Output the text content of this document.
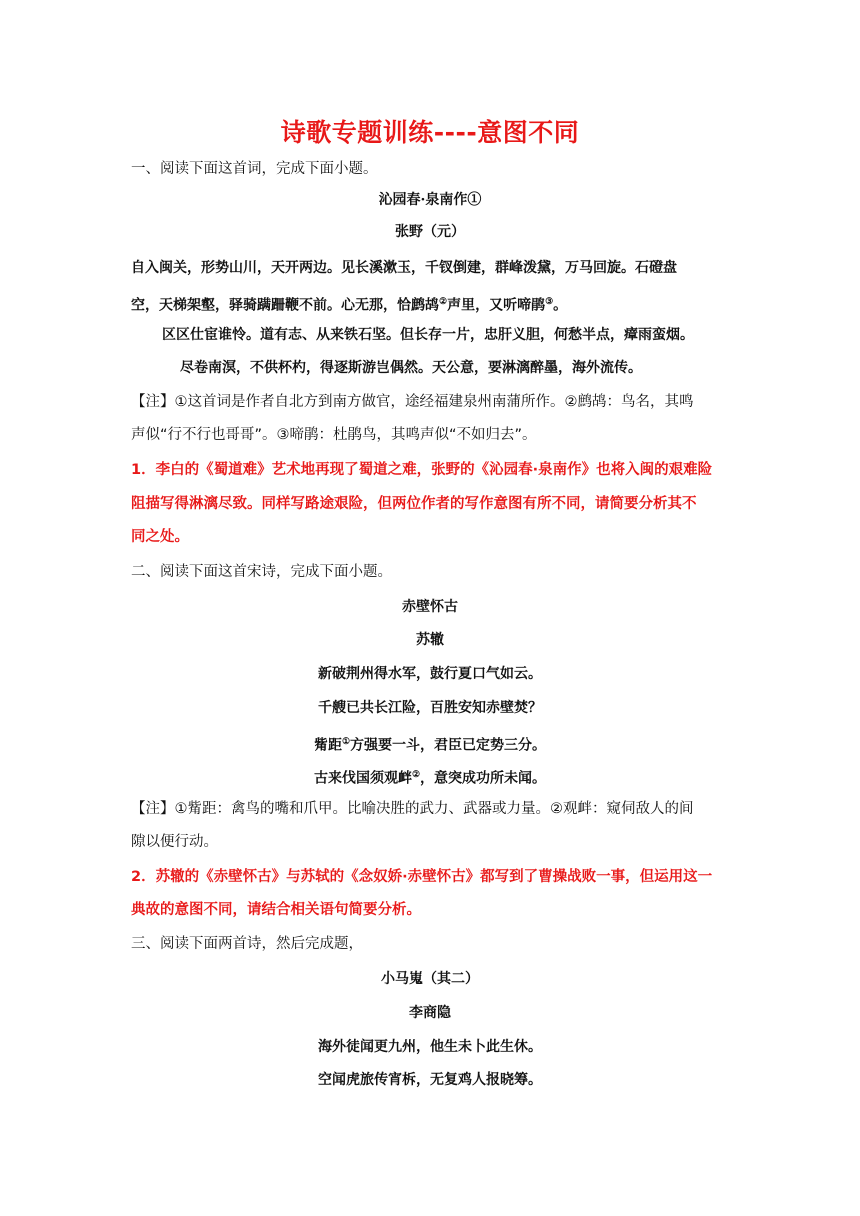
诗歌专题训练----意图不同
一、阅读下面这首词，完成下面小题。
沁园春·泉南作①
张野（元）
自入闽关，形势山川，天开两边。见长溪漱玉，千钗倒建，群峰泼黛，万马回旋。石磴盘
空，天梯架壑，驿骑蹒跚鞭不前。心无那，恰鹧鸪②声里，又听啼鹃③。
区区仕宦谁怜。道有志、从来铁石坚。但长存一片，忠肝义胆，何愁半点，瘴雨蛮烟。
尽卷南溟，不供杯杓，得逐斯游岂偶然。天公意，要淋漓醉墨，海外流传。
【注】①这首词是作者自北方到南方做官，途经福建泉州南蒲所作。②鹧鸪：鸟名，其鸣
声似“行不行也哥哥”。③啼鹃：杜鹃鸟，其鸣声似“不如归去”。
1．李白的《蜀道难》艺术地再现了蜀道之难，张野的《沁园春·泉南作》也将入闽的艰难险
阻描写得淋漓尽致。同样写路途艰险，但两位作者的写作意图有所不同，请简要分析其不
同之处。
二、阅读下面这首宋诗，完成下面小题。
赤壁怀古
苏辙
新破荆州得水军，鼓行夏口气如云。
千艘已共长江险，百胜安知赤壁焚？
觜距①方强要一斗，君臣已定势三分。
古来伐国须观衅②，意突成功所未闻。
【注】①觜距：禽鸟的嘴和爪甲。比喻决胜的武力、武器或力量。②观衅：窥伺敌人的间
隙以便行动。
2．苏辙的《赤壁怀古》与苏轼的《念奴娇·赤壁怀古》都写到了曹操战败一事，但运用这一
典故的意图不同，请结合相关语句简要分析。
三、阅读下面两首诗，然后完成题，
小马嵬（其二）
李商隐
海外徒闻更九州，他生未卜此生休。
空闻虎旅传宵柝，无复鸡人报晓筹。
